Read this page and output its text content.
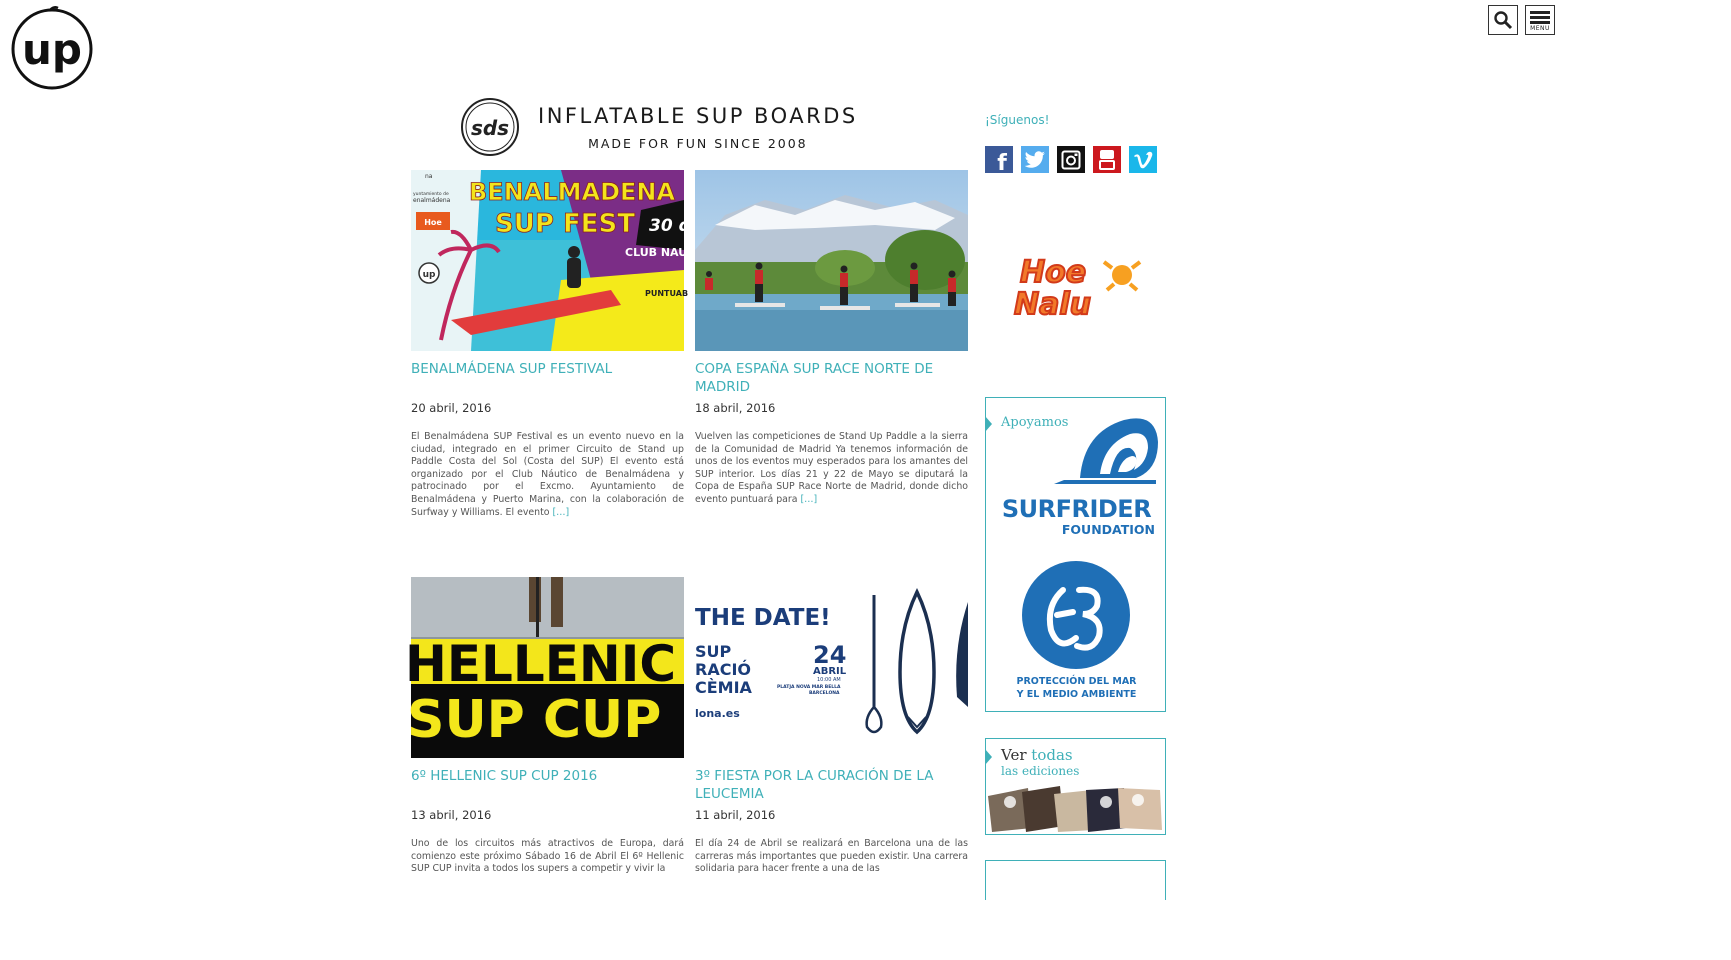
up	MENU
sds
INFLATABLE SUP BOARDS
MADE FOR FUN SINCE 2008
up
na
yuntamiento de
enalmádena
Hoe
BENALMADENA
SUP FEST 30 d
CLUB NAU
PUNTUAB
BENALMÁDENA SUP FESTIVAL
20 abril, 2016
El Benalmádena SUP Festival es un evento nuevo en la ciudad, integrado en el primer Circuito de Stand up Paddle Costa del Sol (Costa del SUP) El evento está organizado por el Club Náutico de Benalmádena y patrocinado por el Excmo. Ayuntamiento de Benalmádena y Puerto Marina, con la colaboración de Surfway y Williams. El evento […]
COPA ESPAÑA SUP RACE NORTE DE MADRID
18 abril, 2016
Vuelven las competiciones de Stand Up Paddle a la sierra de la Comunidad de Madrid Ya tenemos información de unos de los eventos muy esperados para los amantes del SUP interior. Los días 21 y 22 de Mayo se diputará la Copa de España SUP Race Norte de Madrid, donde dicho evento puntuará para […]
HELLENIC
SUP CUP
6º HELLENIC SUP CUP 2016
13 abril, 2016
Uno de los circuitos más atractivos de Europa, dará comienzo este próximo Sábado 16 de Abril El 6º Hellenic SUP CUP invita a todos los supers a competir y vivir la
THE DATE!
SUP
RACIÓ
CÈMIA
lona.es
24
ABRIL
10:00 AM
PLATJA NOVA MAR BELLA
BARCELONA
3º FIESTA POR LA CURACIÓN DE LA LEUCEMIA
11 abril, 2016
El día 24 de Abril se realizará en Barcelona una de las carreras más importantes que pueden existir. Una carrera solidaria para hacer frente a una de las
¡Síguenos!
f
Hoe
Nalu
Apoyamos
SURFRIDER
FOUNDATION
PROTECCIÓN DEL MAR
Y EL MEDIO AMBIENTE
Ver todas
las ediciones
